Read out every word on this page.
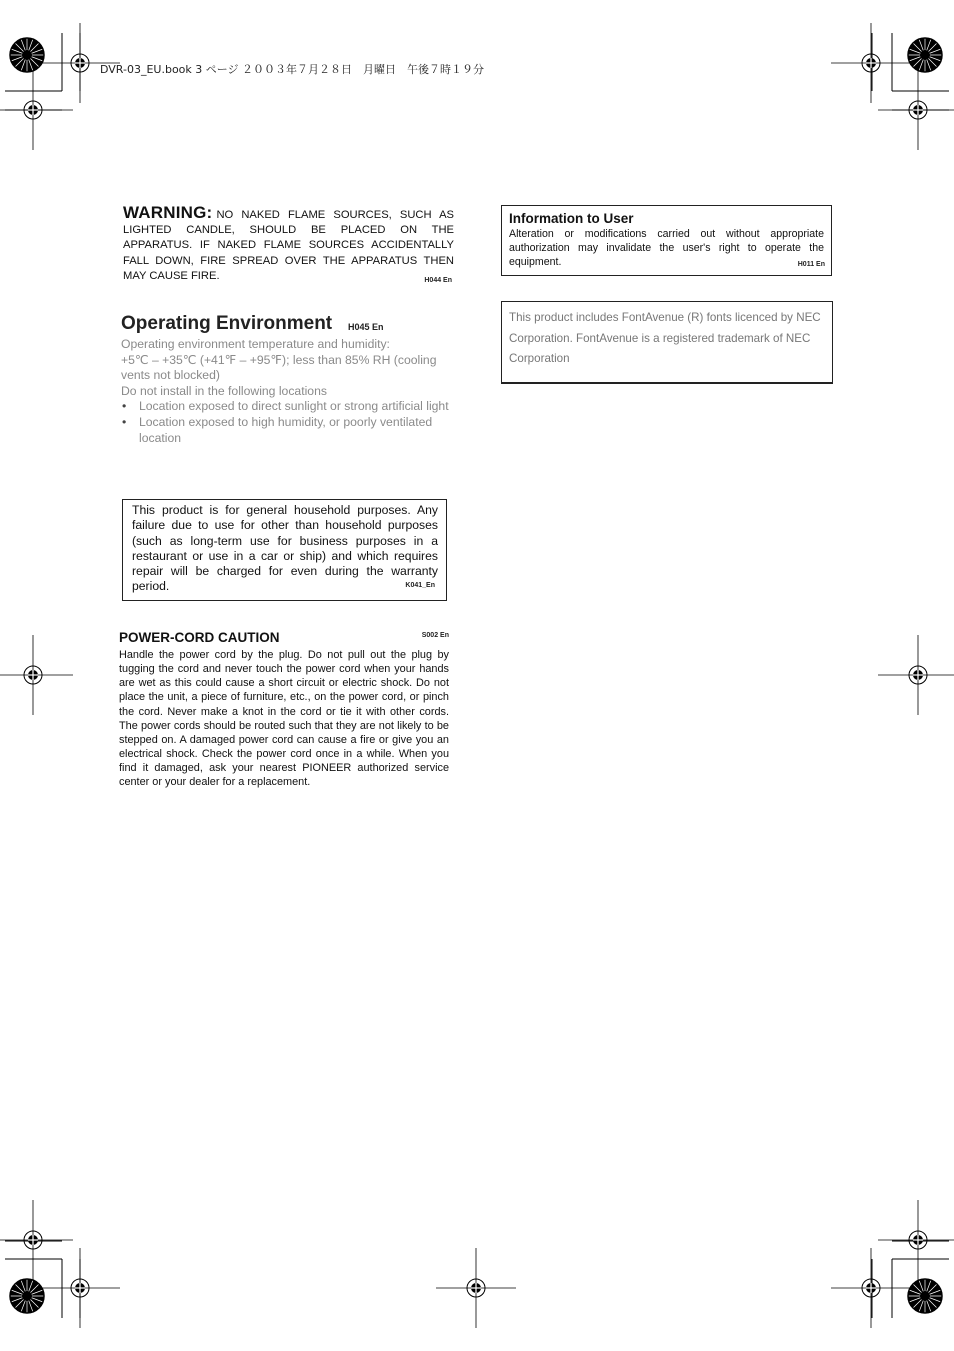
DVR-03_EU.book 3 ページ ２００３年７月２８日　月曜日　午後７時１９分
WARNING: NO NAKED FLAME SOURCES, SUCH AS LIGHTED CANDLE, SHOULD BE PLACED ON THE APPARATUS. IF NAKED FLAME SOURCES ACCIDENTALLY FALL DOWN, FIRE SPREAD OVER THE APPARATUS THEN MAY CAUSE FIRE.	H044 En
Operating Environment H045 En

Operating environment temperature and humidity:

+5℃ – +35℃ (+41℉ – +95℉); less than 85% RH (cooling vents not blocked)

Do not install in the following locations

• Location exposed to direct sunlight or strong artificial light
• Location exposed to high humidity, or poorly ventilated location
This product is for general household purposes. Any failure due to use for other than household purposes (such as long-term use for business purposes in a restaurant or use in a car or ship) and which requires repair will be charged for even during the warranty period.	K041_En
POWER-CORD CAUTION	S002 En
Handle the power cord by the plug. Do not pull out the plug by tugging the cord and never touch the power cord when your hands are wet as this could cause a short circuit or electric shock. Do not place the unit, a piece of furniture, etc., on the power cord, or pinch the cord. Never make a knot in the cord or tie it with other cords. The power cords should be routed such that they are not likely to be stepped on. A damaged power cord can cause a fire or give you an electrical shock. Check the power cord once in a while. When you find it damaged, ask your nearest PIONEER authorized service center or your dealer for a replacement.
Information to User
Alteration or modifications carried out without appropriate authorization may invalidate the user's right to operate the equipment.	H011 En
This product includes FontAvenue (R) fonts licenced by NEC Corporation. FontAvenue is a registered trademark of NEC Corporation
